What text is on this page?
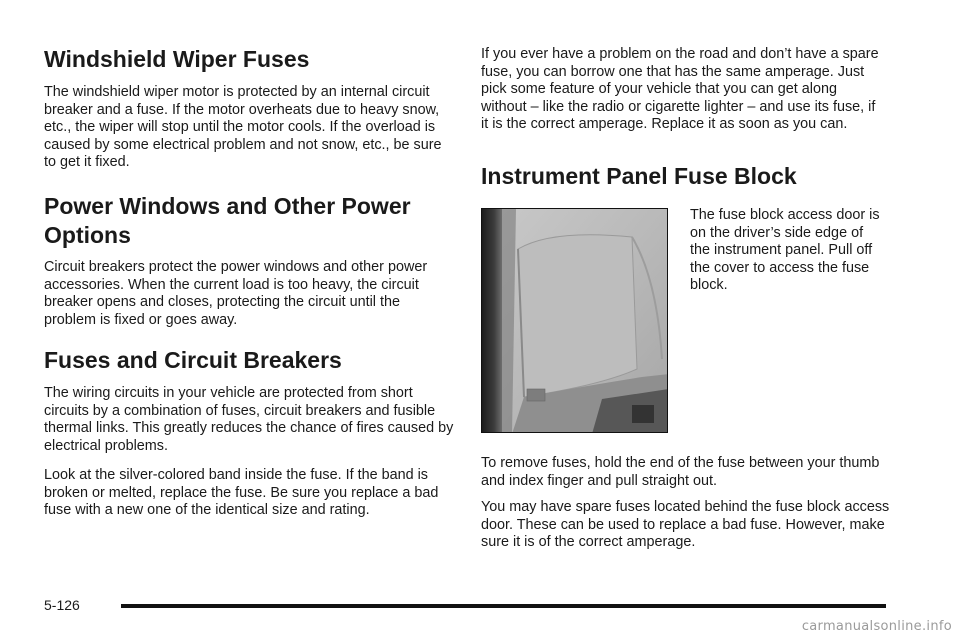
Windshield Wiper Fuses

The windshield wiper motor is protected by an internal circuit breaker and a fuse. If the motor overheats due to heavy snow, etc., the wiper will stop until the motor cools. If the overload is caused by some electrical problem and not snow, etc., be sure to get it fixed.

Power Windows and Other Power
Options

Circuit breakers protect the power windows and other power accessories. When the current load is too heavy, the circuit breaker opens and closes, protecting the circuit until the problem is fixed or goes away.

Fuses and Circuit Breakers

The wiring circuits in your vehicle are protected from short circuits by a combination of fuses, circuit breakers and fusible thermal links. This greatly reduces the chance of fires caused by electrical problems.

Look at the silver-colored band inside the fuse. If the band is broken or melted, replace the fuse. Be sure you replace a bad fuse with a new one of the identical size and rating.

If you ever have a problem on the road and don’t have a spare fuse, you can borrow one that has the same amperage. Just pick some feature of your vehicle that you can get along without – like the radio or cigarette lighter – and use its fuse, if it is the correct amperage. Replace it as soon as you can.

Instrument Panel Fuse Block

The fuse block access door is on the driver’s side edge of the instrument panel. Pull off the cover to access the fuse block.

To remove fuses, hold the end of the fuse between your thumb and index finger and pull straight out.

You may have spare fuses located behind the fuse block access door. These can be used to replace a bad fuse. However, make sure it is of the correct amperage.

5-126
carmanualsonline.info
